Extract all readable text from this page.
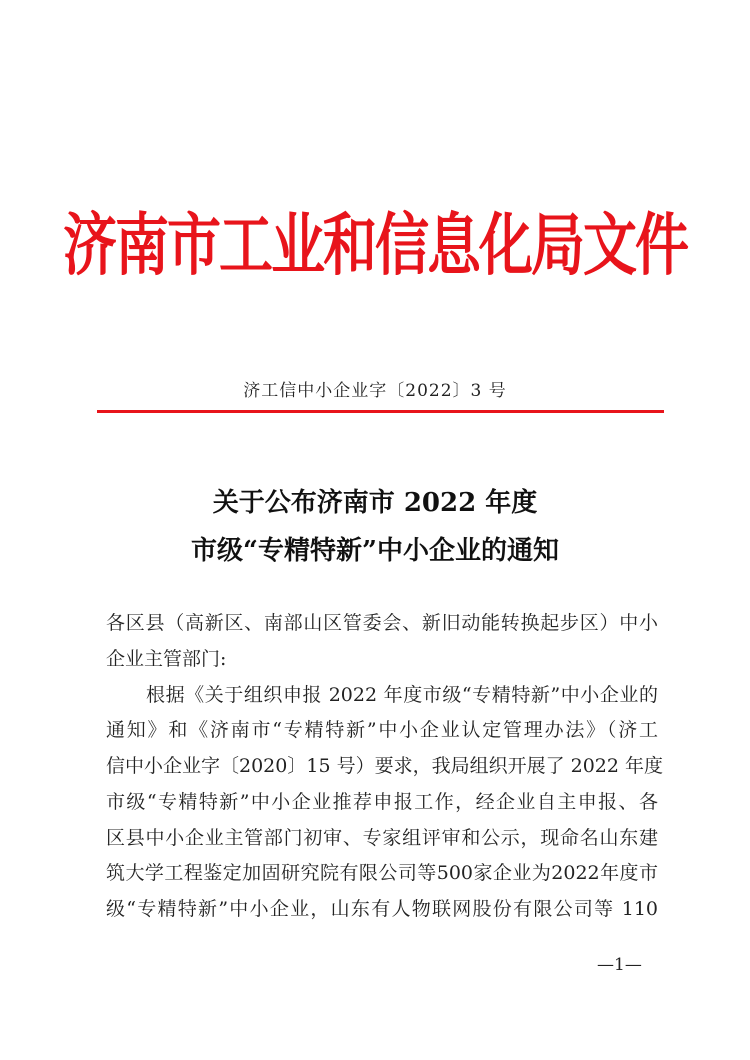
济南市工业和信息化局文件
济工信中小企业字〔2022〕3 号
关于公布济南市 2022 年度
市级“专精特新”中小企业的通知
各区县（高新区、南部山区管委会、新旧动能转换起步区）中小
企业主管部门:
根据《关于组织申报 2022 年度市级“专精特新”中小企业的
通知》和《济南市“专精特新”中小企业认定管理办法》（济工
信中小企业字〔2020〕15 号）要求，我局组织开展了 2022 年度
市级“专精特新”中小企业推荐申报工作，经企业自主申报、各
区县中小企业主管部门初审、专家组评审和公示，现命名山东建
筑大学工程鉴定加固研究院有限公司等500家企业为2022年度市
级“专精特新”中小企业，山东有人物联网股份有限公司等 110
—1—
